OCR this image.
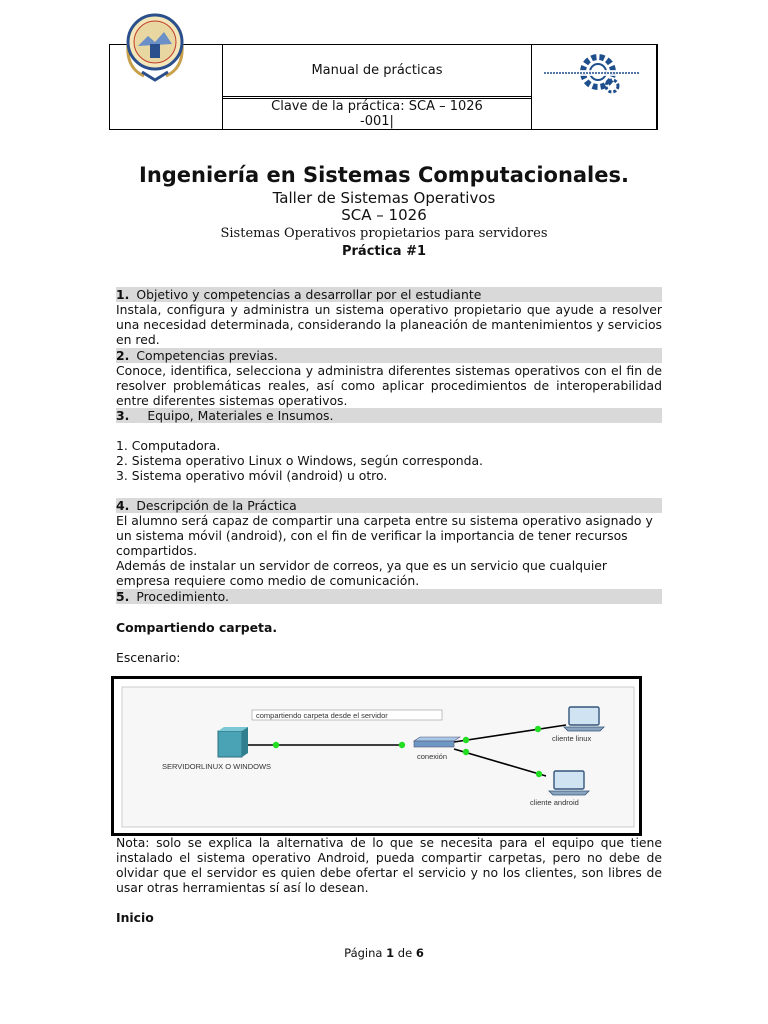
Manual de prácticas
Clave de la práctica: SCA – 1026
-001|
Ingeniería en Sistemas Computacionales.
Taller de Sistemas Operativos
SCA – 1026
Sistemas Operativos propietarios para servidores
Práctica #1
1. Objetivo y competencias a desarrollar por el estudiante

Instala, configura y administra un sistema operativo propietario que ayude a resolver una necesidad determinada, considerando la planeación de mantenimientos y servicios en red.

2. Competencias previas.

Conoce, identifica, selecciona y administra diferentes sistemas operativos con el fin de resolver problemáticas reales, así como aplicar procedimientos de interoperabilidad entre diferentes sistemas operativos.

3. Equipo, Materiales e Insumos.
1. Computadora.
2. Sistema operativo Linux o Windows, según corresponda.
3. Sistema operativo móvil (android) u otro.
4. Descripción de la Práctica

El alumno será capaz de compartir una carpeta entre su sistema operativo asignado y un sistema móvil (android), con el fin de verificar la importancia de tener recursos compartidos.

Además de instalar un servidor de correos, ya que es un servicio que cualquier empresa requiere como medio de comunicación.

5. Procedimiento.
Compartiendo carpeta.
Escenario:
compartiendo carpeta desde el servidor
SERVIDORLINUX O WINDOWS
conexión
cliente linux
cliente android
Nota: solo se explica la alternativa de lo que se necesita para el equipo que tiene instalado el sistema operativo Android, pueda compartir carpetas, pero no debe de olvidar que el servidor es quien debe ofertar el servicio y no los clientes, son libres de usar otras herramientas sí así lo desean.
Inicio
Página 1 de 6
